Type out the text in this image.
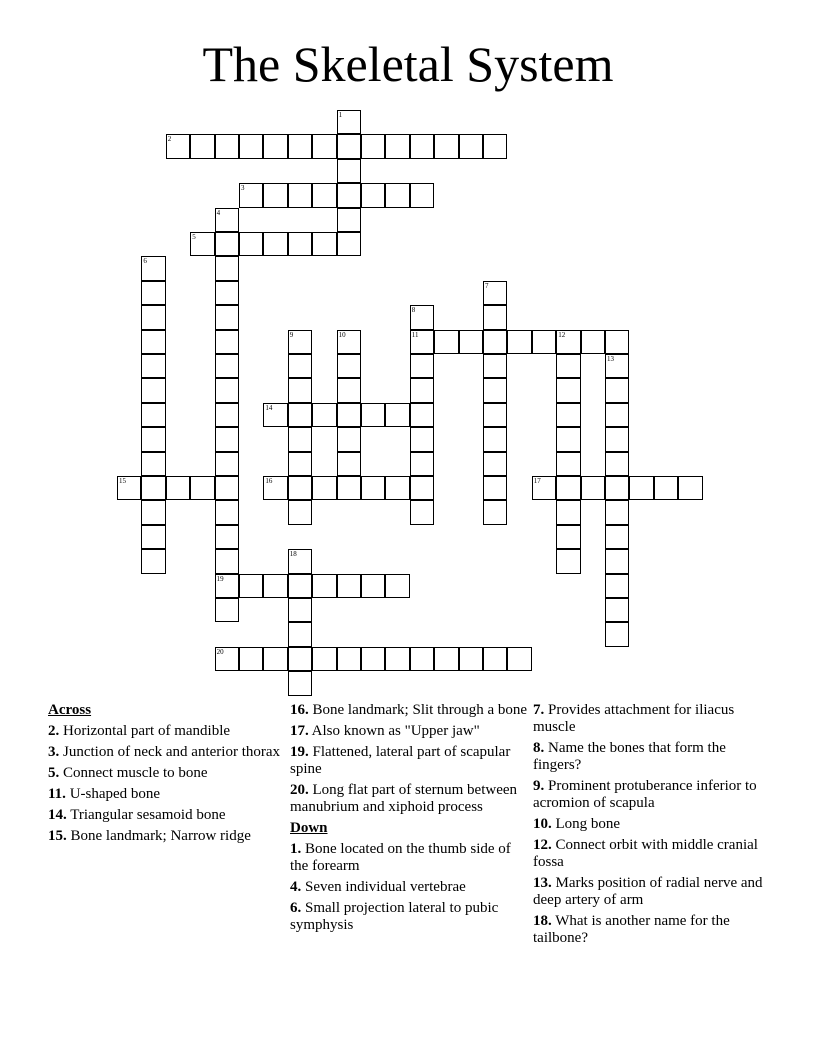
The Skeletal System
1
2
3
4
19
5
6
7
8
11
9	10	12
13
14
15	16	17
18
20
Across
2. Horizontal part of mandible
3. Junction of neck and anterior thorax
5. Connect muscle to bone
11. U-shaped bone
14. Triangular sesamoid bone
15. Bone landmark; Narrow ridge
16. Bone landmark; Slit through a bone
17. Also known as "Upper jaw"
19. Flattened, lateral part of scapular spine
20. Long flat part of sternum between manubrium and xiphoid process
Down
1. Bone located on the thumb side of the forearm
4. Seven individual vertebrae
6. Small projection lateral to pubic symphysis
7. Provides attachment for iliacus muscle
8. Name the bones that form the fingers?
9. Prominent protuberance inferior to acromion of scapula
10. Long bone
12. Connect orbit with middle cranial fossa
13. Marks position of radial nerve and deep artery of arm
18. What is another name for the tailbone?
